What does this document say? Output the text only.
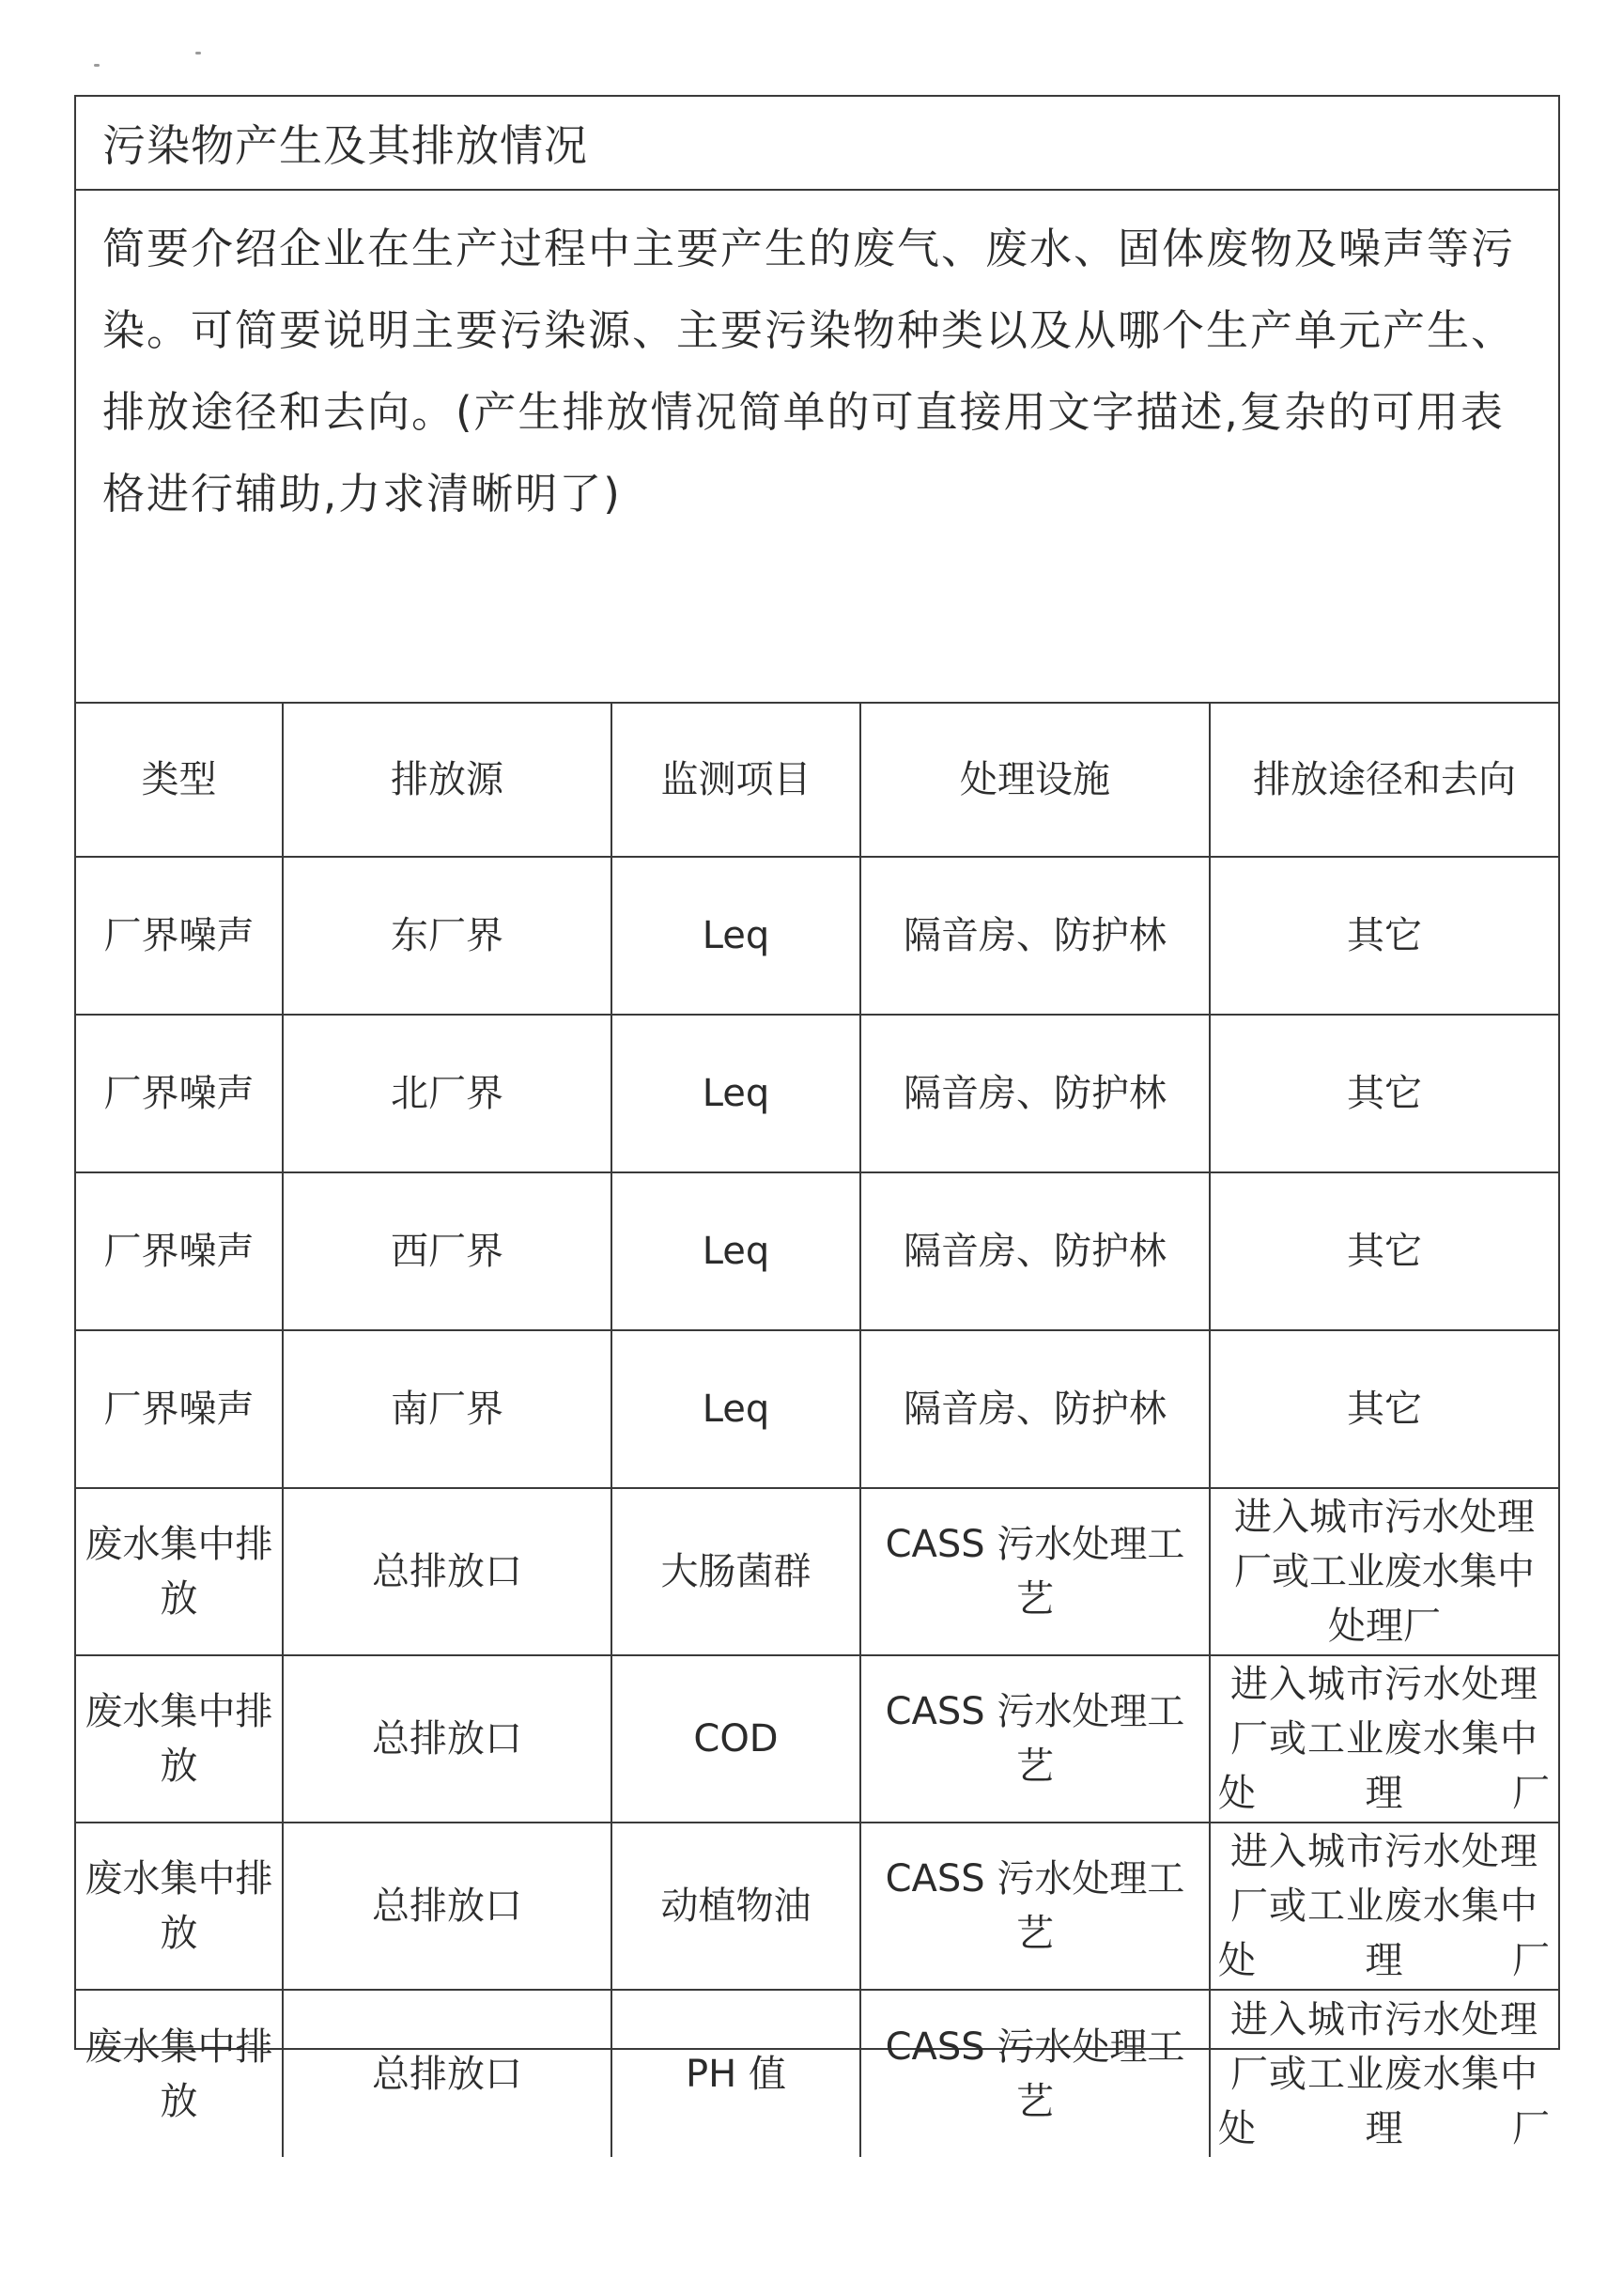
污染物产生及其排放情况
简要介绍企业在生产过程中主要产生的废气、废水、固体废物及噪声等污染。可简要说明主要污染源、主要污染物种类以及从哪个生产单元产生、排放途径和去向。(产生排放情况简单的可直接用文字描述,复杂的可用表格进行辅助,力求清晰明了)
类型	排放源	监测项目	处理设施	排放途径和去向
厂界噪声	东厂界	Leq	隔音房、防护林	其它
厂界噪声	北厂界	Leq	隔音房、防护林	其它
厂界噪声	西厂界	Leq	隔音房、防护林	其它
厂界噪声	南厂界	Leq	隔音房、防护林	其它
废水集中排放	总排放口	大肠菌群	CASS 污水处理工艺	进入城市污水处理厂或工业废水集中处理厂
废水集中排放	总排放口	COD	CASS 污水处理工艺	进入城市污水处理厂或工业废水集中处理厂
废水集中排放	总排放口	动植物油	CASS 污水处理工艺	进入城市污水处理厂或工业废水集中处理厂
废水集中排放	总排放口	PH 值	CASS 污水处理工艺	进入城市污水处理厂或工业废水集中处理厂
